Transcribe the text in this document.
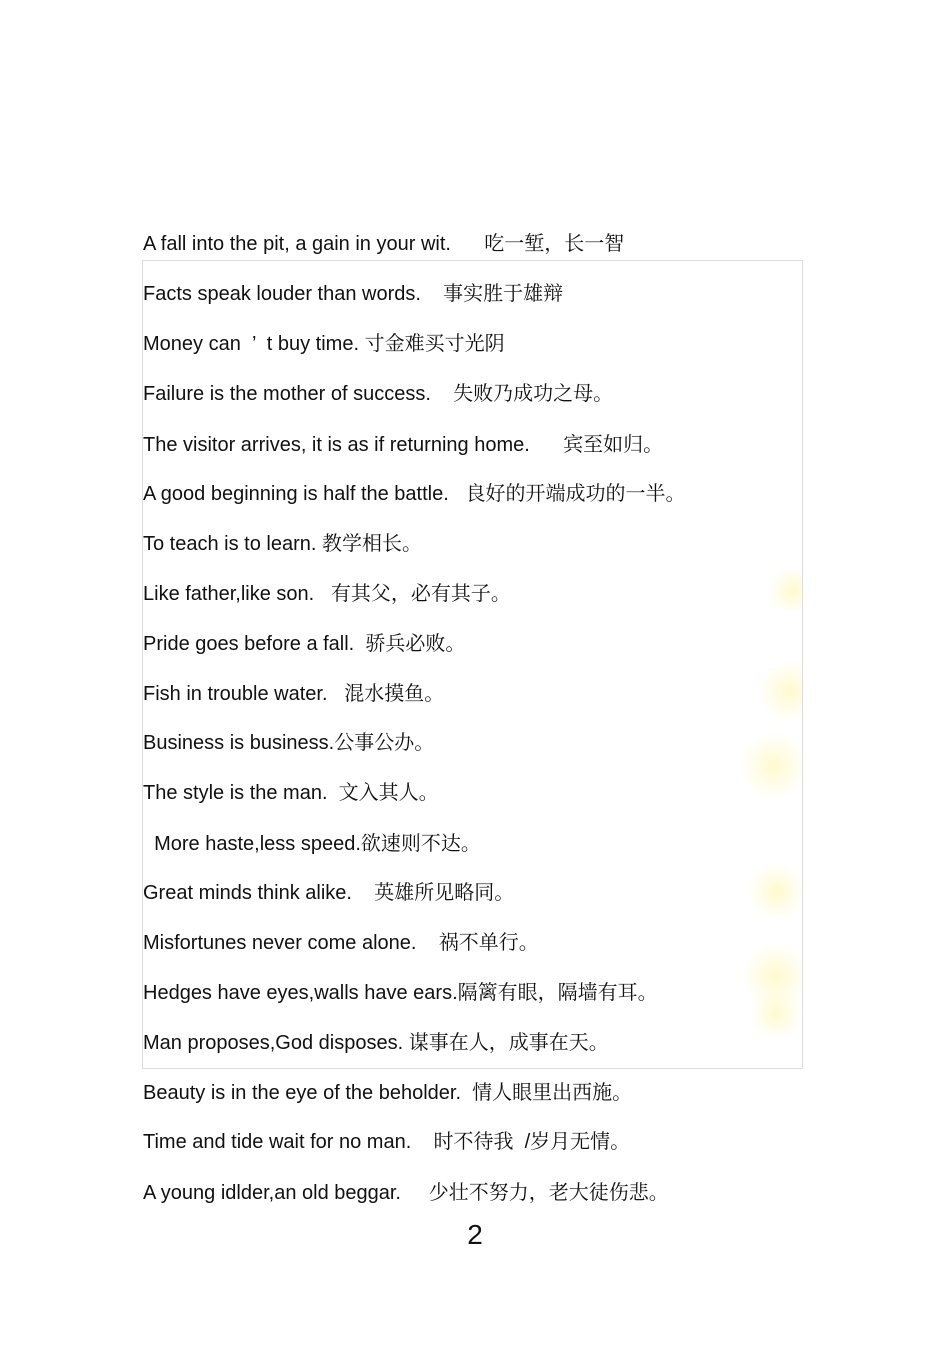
A fall into the pit, a gain in your wit.      吃一堑，长一智
Facts speak louder than words.    事实胜于雄辩
Money can  ’  t buy time. 寸金难买寸光阴
Failure is the mother of success.    失败乃成功之母。
The visitor arrives, it is as if returning home.      宾至如归。
A good beginning is half the battle.   良好的开端成功的一半。
To teach is to learn. 教学相长。
Like father,like son.   有其父，必有其子。
Pride goes before a fall.  骄兵必败。
Fish in trouble water.   混水摸鱼。
Business is business.公事公办。
The style is the man.  文入其人。
More haste,less speed.欲速则不达。
Great minds think alike.    英雄所见略同。
Misfortunes never come alone.    祸不单行。
Hedges have eyes,walls have ears.隔篱有眼，隔墙有耳。
Man proposes,God disposes. 谋事在人，成事在天。
Beauty is in the eye of the beholder.  情人眼里出西施。
Time and tide wait for no man.    时不待我  /岁月无情。
A young idlder,an old beggar.     少壮不努力，老大徒伤悲。
2
